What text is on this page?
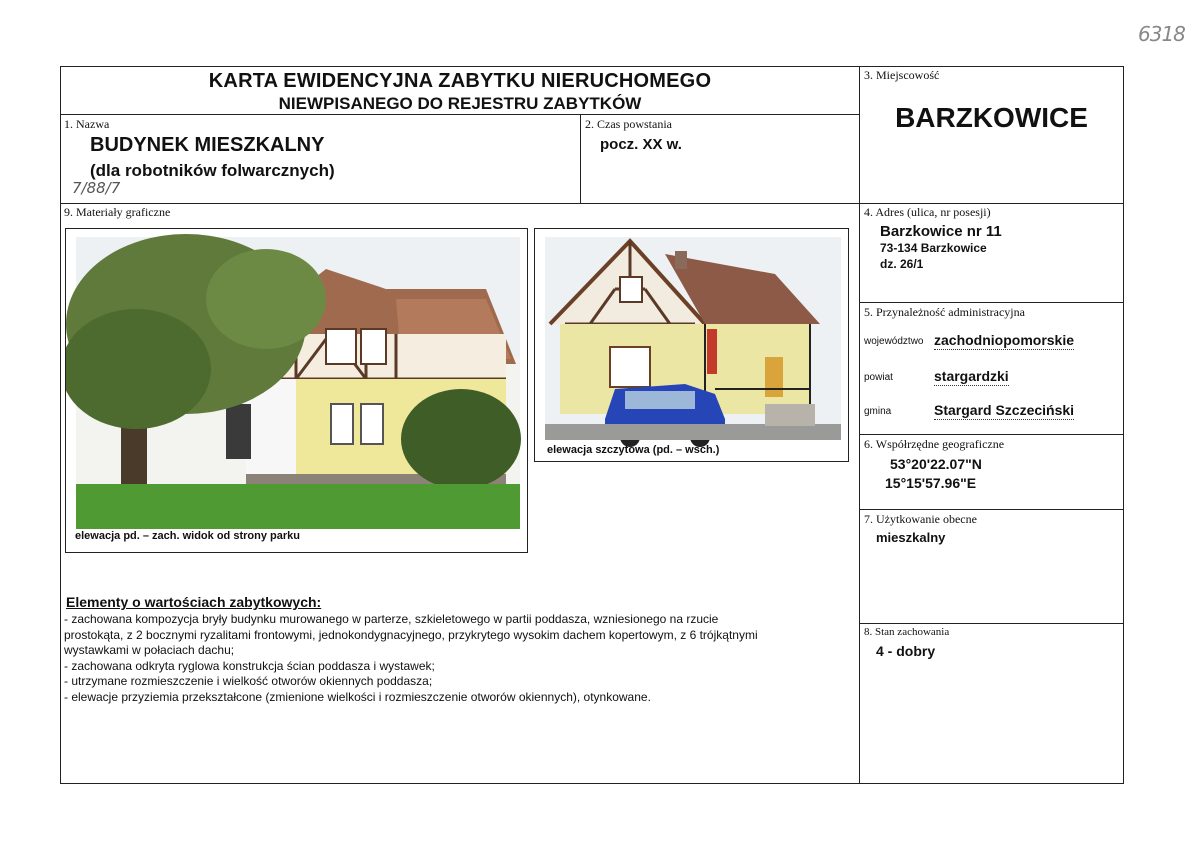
6318
KARTA EWIDENCYJNA ZABYTKU NIERUCHOMEGO
NIEWPISANEGO DO REJESTRU ZABYTKÓW
1. Nazwa
BUDYNEK MIESZKALNY
(dla robotników folwarcznych)
7/88/7
2. Czas powstania
pocz. XX w.
3. Miejscowość
BARZKOWICE
9. Materiały graficzne
elewacja pd. – zach. widok od strony parku
elewacja szczytowa (pd. – wsch.)
Elementy o wartościach zabytkowych:
- zachowana kompozycja bryły budynku murowanego w parterze, szkieletowego w partii poddasza, wzniesionego na rzucie
prostokąta, z 2 bocznymi ryzalitami frontowymi, jednokondygnacyjnego, przykrytego wysokim dachem kopertowym, z 6 trójkątnymi
wystawkami w połaciach dachu;
- zachowana odkryta ryglowa konstrukcja ścian poddasza i wystawek;
- utrzymane rozmieszczenie i wielkość otworów okiennych poddasza;
- elewacje przyziemia przekształcone (zmienione wielkości i rozmieszczenie otworów okiennych), otynkowane.
4. Adres (ulica, nr posesji)
Barzkowice nr 11
73-134 Barzkowice
dz. 26/1
5. Przynależność administracyjna
województwo zachodniopomorskie
powiat	stargardzki
gmina	Stargard Szczeciński
6. Współrzędne geograficzne
53°20'22.07"N
15°15'57.96"E
7. Użytkowanie obecne
mieszkalny
8. Stan zachowania
4 - dobry
